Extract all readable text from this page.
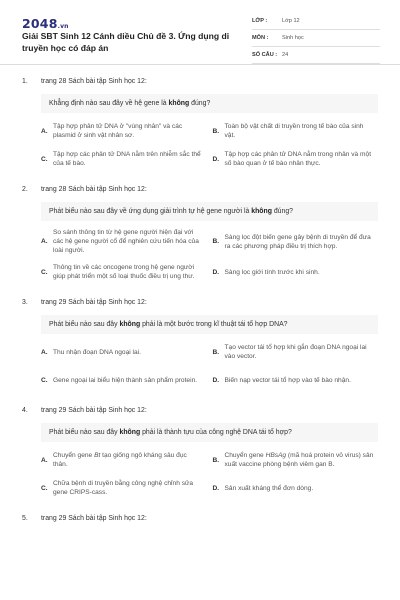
2048.vn
Giải SBT Sinh 12 Cánh diều Chủ đề 3. Ứng dụng di truyền học có đáp án
LỚP :	Lớp 12
MÔN :	Sinh học
SỐ CÂU : 24
1.	trang 28 Sách bài tập Sinh học 12:
Khẳng định nào sau đây về hệ gene là không đúng?
A.
Tập hợp phân tử DNA ở "vùng nhân" và các plasmid ở sinh vật nhân sơ.
B.
Toàn bộ vật chất di truyền trong tế bào của sinh vật.
C.
Tập hợp các phân tử DNA nằm trên nhiễm sắc thể của tế bào.
D.
Tập hợp các phân tử DNA nằm trong nhân và một số bào quan ở tế bào nhân thực.
2.	trang 28 Sách bài tập Sinh học 12:
Phát biểu nào sau đây về ứng dụng giải trình tự hệ gene người là không đúng?
A.
So sánh thông tin từ hệ gene người hiện đại với các hệ gene người cổ để nghiên cứu tiến hóa của loài người.
B.
Sàng lọc đột biến gene gây bệnh di truyền để đưa ra các phương pháp điều trị thích hợp.
C.
Thông tin về các oncogene trong hệ gene người giúp phát triển một số loại thuốc điều trị ung thư.
D. Sàng lọc giới tính trước khi sinh.
3.	trang 29 Sách bài tập Sinh học 12:
Phát biểu nào sau đây không phải là một bước trong kĩ thuật tái tổ hợp DNA?
A. Thu nhận đoạn DNA ngoại lai.	B.
Tạo vector tái tổ hợp khi gắn đoạn DNA ngoại lai vào vector.
C. Gene ngoại lai biểu hiện thành sản phẩm protein.	D. Biến nạp vector tái tổ hợp vào tế bào nhận.
4.	trang 29 Sách bài tập Sinh học 12:
Phát biểu nào sau đây không phải là thành tựu của công nghệ DNA tái tổ hợp?
A.
Chuyển gene Bt tạo giống ngô kháng sâu đục thân.
B.
Chuyển gene HBsAg (mã hoá protein vỏ virus) sản xuất vaccine phòng bệnh viêm gan B.
C.
Chữa bệnh di truyền bằng công nghệ chỉnh sửa gene CRIPS-cass.
D. Sản xuất kháng thể đơn dòng.
5.	trang 29 Sách bài tập Sinh học 12:
